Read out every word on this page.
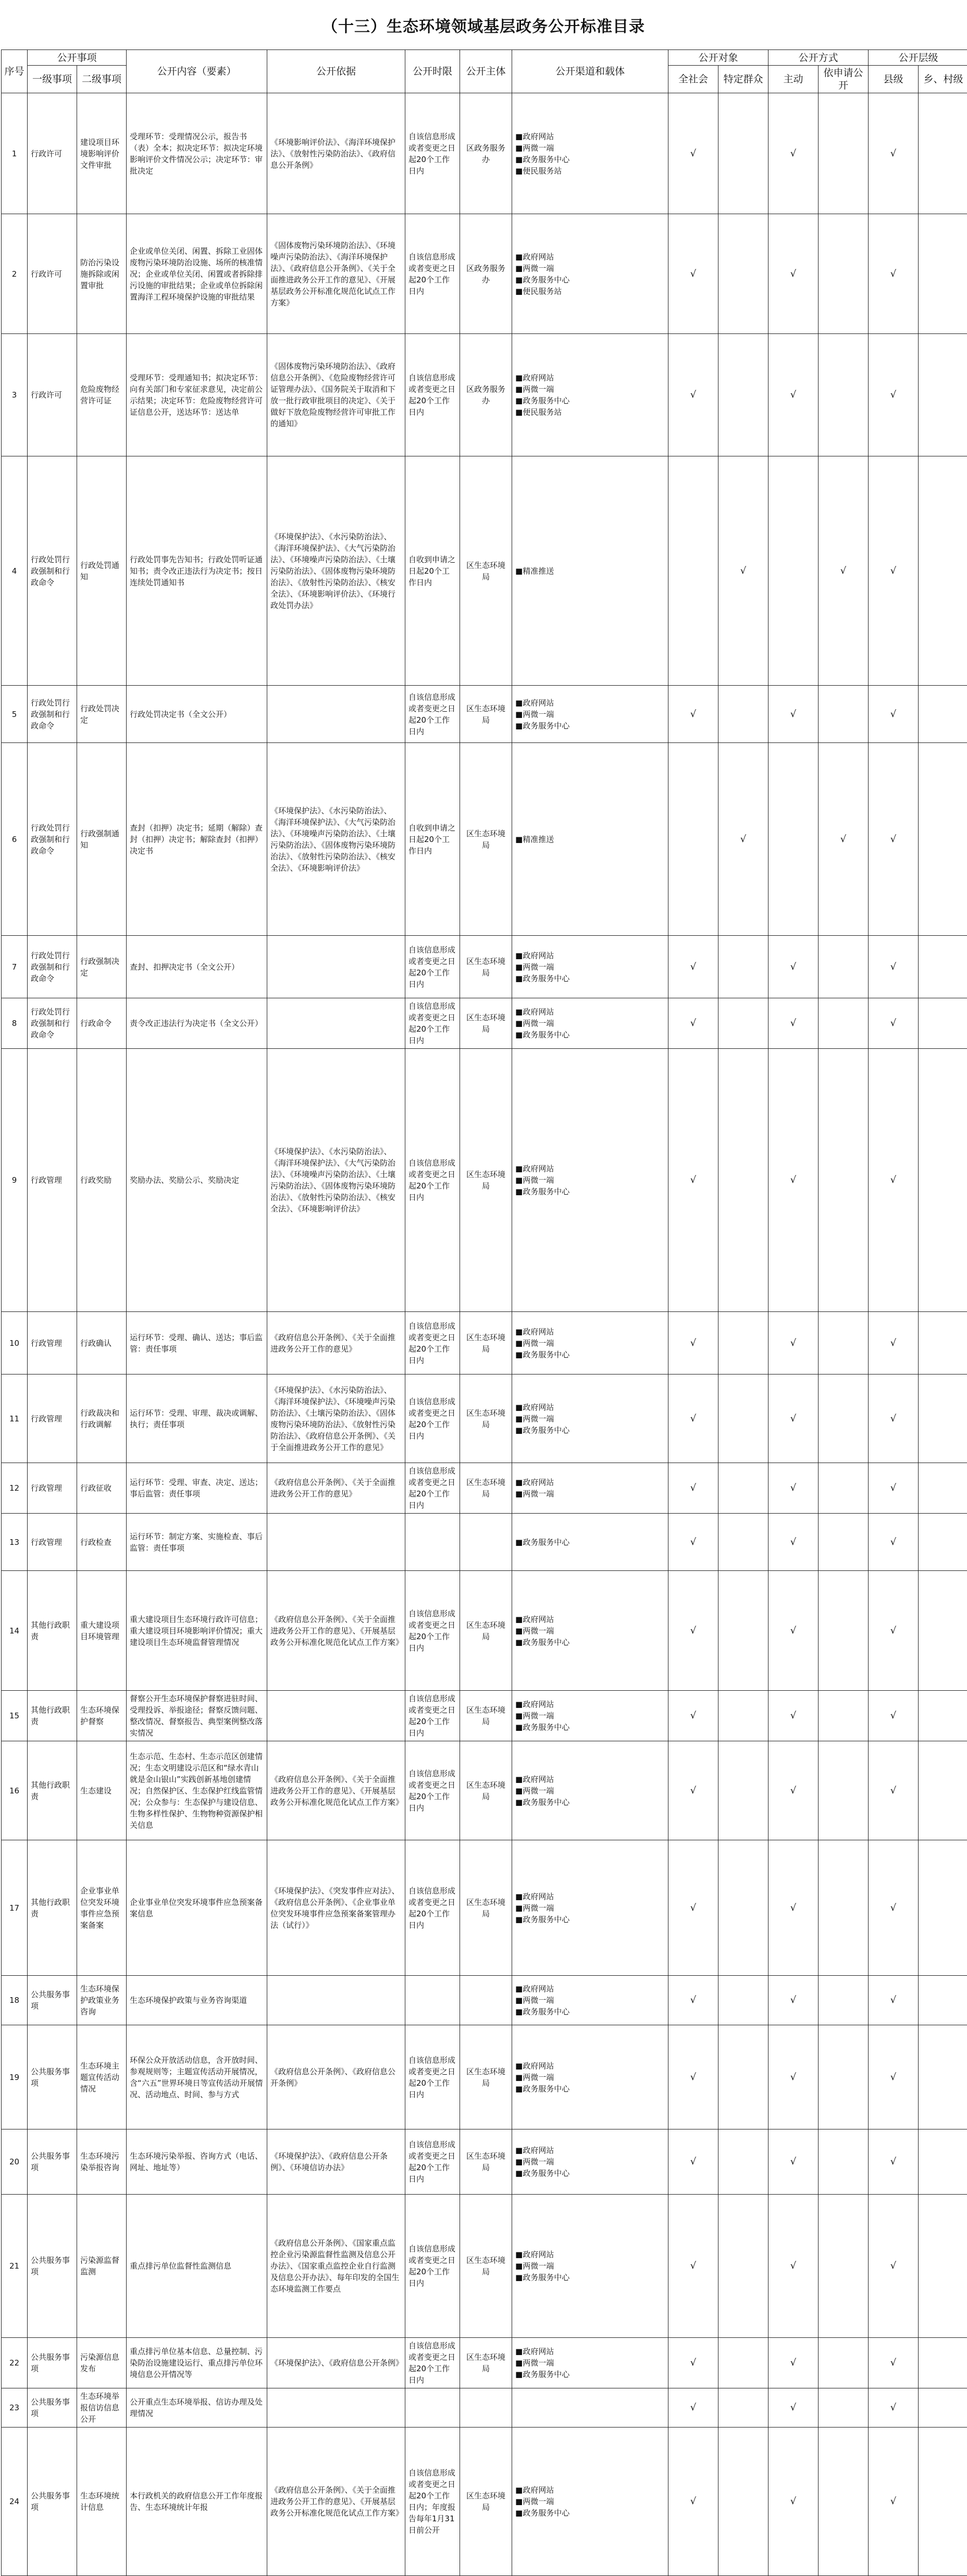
（十三）生态环境领域基层政务公开标准目录
序号	公开事项		公开内容（要素）	公开依据	公开时限	公开主体	公开渠道和载体	公开对象		公开方式		公开层级	
	一级事项	二级事项						全社会	特定群众	主动	依申请公开	县级	乡、村级
1	行政许可	建设项目环境影响评价文件审批	受理环节：受理情况公示，报告书（表）全本；拟决定环节：拟决定环境影响评价文件情况公示；决定环节：审批决定	《环境影响评价法》、《海洋环境保护法》、《放射性污染防治法》、《政府信息公开条例》	自该信息形成或者变更之日起20个工作日内	区政务服务办	■政府网站
■两微一端
■政务服务中心
■便民服务站	√		√		√	

2	行政许可	防治污染设施拆除或闲置审批	企业或单位关闭、闲置、拆除工业固体废物污染环境防治设施、场所的核准情况；企业或单位关闭、闲置或者拆除排污设施的审批结果；企业或单位拆除闲置海洋工程环境保护设施的审批结果	《固体废物污染环境防治法》、《环境噪声污染防治法》、《海洋环境保护法》、《政府信息公开条例》、《关于全面推进政务公开工作的意见》、《开展基层政务公开标准化规范化试点工作方案》	自该信息形成或者变更之日起20个工作日内	区政务服务办	■政府网站
■两微一端
■政务服务中心
■便民服务站	√		√		√	

3	行政许可	危险废物经营许可证	受理环节：受理通知书；拟决定环节：向有关部门和专家征求意见，决定前公示结果；决定环节：危险废物经营许可证信息公开，送达环节：送达单	《固体废物污染环境防治法》、《政府信息公开条例》、《危险废物经营许可证管理办法》、《国务院关于取消和下放一批行政审批项目的决定》、《关于做好下放危险废物经营许可审批工作的通知》	自该信息形成或者变更之日起20个工作日内	区政务服务办	■政府网站
■两微一端
■政务服务中心
■便民服务站	√		√		√	

4	行政处罚行政强制和行政命令	行政处罚通知	行政处罚事先告知书；行政处罚听证通知书；责令改正违法行为决定书；按日连续处罚通知书	《环境保护法》、《水污染防治法》、《海洋环境保护法》、《大气污染防治法》、《环境噪声污染防治法》、《土壤污染防治法》、《固体废物污染环境防治法》、《放射性污染防治法》、《核安全法》、《环境影响评价法》、《环境行政处罚办法》	自收到申请之日起20个工作日内	区生态环境局	■精准推送		√		√	√	

5	行政处罚行政强制和行政命令	行政处罚决定	行政处罚决定书（全文公开）		自该信息形成或者变更之日起20个工作日内	区生态环境局	■政府网站
■两微一端
■政务服务中心	√		√		√	

6	行政处罚行政强制和行政命令	行政强制通知	查封（扣押）决定书；延期（解除）查封（扣押）决定书；解除查封（扣押）决定书	《环境保护法》、《水污染防治法》、《海洋环境保护法》、《大气污染防治法》、《环境噪声污染防治法》、《土壤污染防治法》、《固体废物污染环境防治法》、《放射性污染防治法》、《核安全法》、《环境影响评价法》	自收到申请之日起20个工作日内	区生态环境局	■精准推送		√		√	√	

7	行政处罚行政强制和行政命令	行政强制决定	查封、扣押决定书（全文公开）		自该信息形成或者变更之日起20个工作日内	区生态环境局	■政府网站
■两微一端
■政务服务中心	√		√		√	

8	行政处罚行政强制和行政命令	行政命令	责令改正违法行为决定书（全文公开）		自该信息形成或者变更之日起20个工作日内	区生态环境局	■政府网站
■两微一端
■政务服务中心	√		√		√	

9	行政管理	行政奖励	奖励办法、奖励公示、奖励决定	《环境保护法》、《水污染防治法》、《海洋环境保护法》、《大气污染防治法》、《环境噪声污染防治法》、《土壤污染防治法》、《固体废物污染环境防治法》、《放射性污染防治法》、《核安全法》、《环境影响评价法》	自该信息形成或者变更之日起20个工作日内	区生态环境局	■政府网站
■两微一端
■政务服务中心	√		√		√	

10	行政管理	行政确认	运行环节：受理、确认、送达；事后监管：责任事项	《政府信息公开条例》、《关于全面推进政务公开工作的意见》	自该信息形成或者变更之日起20个工作日内	区生态环境局	■政府网站
■两微一端
■政务服务中心	√		√		√	

11	行政管理	行政裁决和行政调解	运行环节：受理、审理、裁决或调解、执行；责任事项	《环境保护法》、《水污染防治法》、《海洋环境保护法》、《环境噪声污染防治法》、《土壤污染防治法》、《固体废物污染环境防治法》、《放射性污染防治法》、《政府信息公开条例》、《关于全面推进政务公开工作的意见》	自该信息形成或者变更之日起20个工作日内	区生态环境局	■政府网站
■两微一端
■政务服务中心	√		√		√	

12	行政管理	行政征收	运行环节：受理、审查、决定、送达；事后监管：责任事项	《政府信息公开条例》、《关于全面推进政务公开工作的意见》	自该信息形成或者变更之日起20个工作日内	区生态环境局	■政府网站
■两微一端	√		√		√	

13	行政管理	行政检查	运行环节：制定方案、实施检查、事后监管：责任事项				■政务服务中心	√		√		√	

14	其他行政职责	重大建设项目环境管理	重大建设项目生态环境行政许可信息；重大建设项目环境影响评价情况；重大建设项目生态环境监督管理情况	《政府信息公开条例》、《关于全面推进政务公开工作的意见》、《开展基层政务公开标准化规范化试点工作方案》	自该信息形成或者变更之日起20个工作日内	区生态环境局	■政府网站
■两微一端
■政务服务中心	√		√		√	

15	其他行政职责	生态环境保护督察	督察公开生态环境保护督察进驻时间、受理投诉、举报途径；督察反馈问题、整改情况、督察报告、典型案例整改落实情况		自该信息形成或者变更之日起20个工作日内	区生态环境局	■政府网站
■两微一端
■政务服务中心	√		√		√	

16	其他行政职责	生态建设	生态示范、生态村、生态示范区创建情况；生态文明建设示范区和“绿水青山就是金山银山”实践创新基地创建情况；自然保护区、生态保护红线监管情况；公众参与：生态保护与建设信息、生物多样性保护、生物物种资源保护相关信息	《政府信息公开条例》、《关于全面推进政务公开工作的意见》、《开展基层政务公开标准化规范化试点工作方案》	自该信息形成或者变更之日起20个工作日内	区生态环境局	■政府网站
■两微一端
■政务服务中心	√		√		√	

17	其他行政职责	企业事业单位突发环境事件应急预案备案	企业事业单位突发环境事件应急预案备案信息	《环境保护法》、《突发事件应对法》、《政府信息公开条例》、《企业事业单位突发环境事件应急预案备案管理办法（试行）》	自该信息形成或者变更之日起20个工作日内	区生态环境局	■政府网站
■两微一端
■政务服务中心	√		√		√	

18	公共服务事项	生态环境保护政策业务咨询	生态环境保护政策与业务咨询渠道				■政府网站
■两微一端
■政务服务中心	√		√		√	

19	公共服务事项	生态环境主题宣传活动情况	环保公众开放活动信息，含开放时间、参观规则等；主题宣传活动开展情况，含“六五”世界环境日等宣传活动开展情况、活动地点、时间、参与方式	《政府信息公开条例》、《政府信息公开条例》	自该信息形成或者变更之日起20个工作日内	区生态环境局	■政府网站
■两微一端
■政务服务中心	√		√		√	

20	公共服务事项	生态环境污染举报咨询	生态环境污染举报、咨询方式（电话、网址、地址等）	《环境保护法》、《政府信息公开条例》、《环境信访办法》	自该信息形成或者变更之日起20个工作日内	区生态环境局	■政府网站
■两微一端
■政务服务中心	√		√		√	

21	公共服务事项	污染源监督监测	重点排污单位监督性监测信息	《政府信息公开条例》、《国家重点监控企业污染源监督性监测及信息公开办法》、《国家重点监控企业自行监测及信息公开办法》、每年印发的全国生态环境监测工作要点	自该信息形成或者变更之日起20个工作日内	区生态环境局	■政府网站
■两微一端
■政务服务中心	√		√		√	

22	公共服务事项	污染源信息发布	重点排污单位基本信息、总量控制、污染防治设施建设运行、重点排污单位环境信息公开情况等	《环境保护法》、《政府信息公开条例》	自该信息形成或者变更之日起20个工作日内	区生态环境局	■政府网站
■两微一端
■政务服务中心	√		√		√	

23	公共服务事项	生态环境举报信访信息公开	公开重点生态环境举报、信访办理及处理情况					√		√		√	

24	公共服务事项	生态环境统计信息	本行政机关的政府信息公开工作年度报告、生态环境统计年报	《政府信息公开条例》、《关于全面推进政务公开工作的意见》、《开展基层政务公开标准化规范化试点工作方案》	自该信息形成或者变更之日起20个工作日内；年度报告每年1月31日前公开	区生态环境局	■政府网站
■两微一端
■政务服务中心	√		√		√	
